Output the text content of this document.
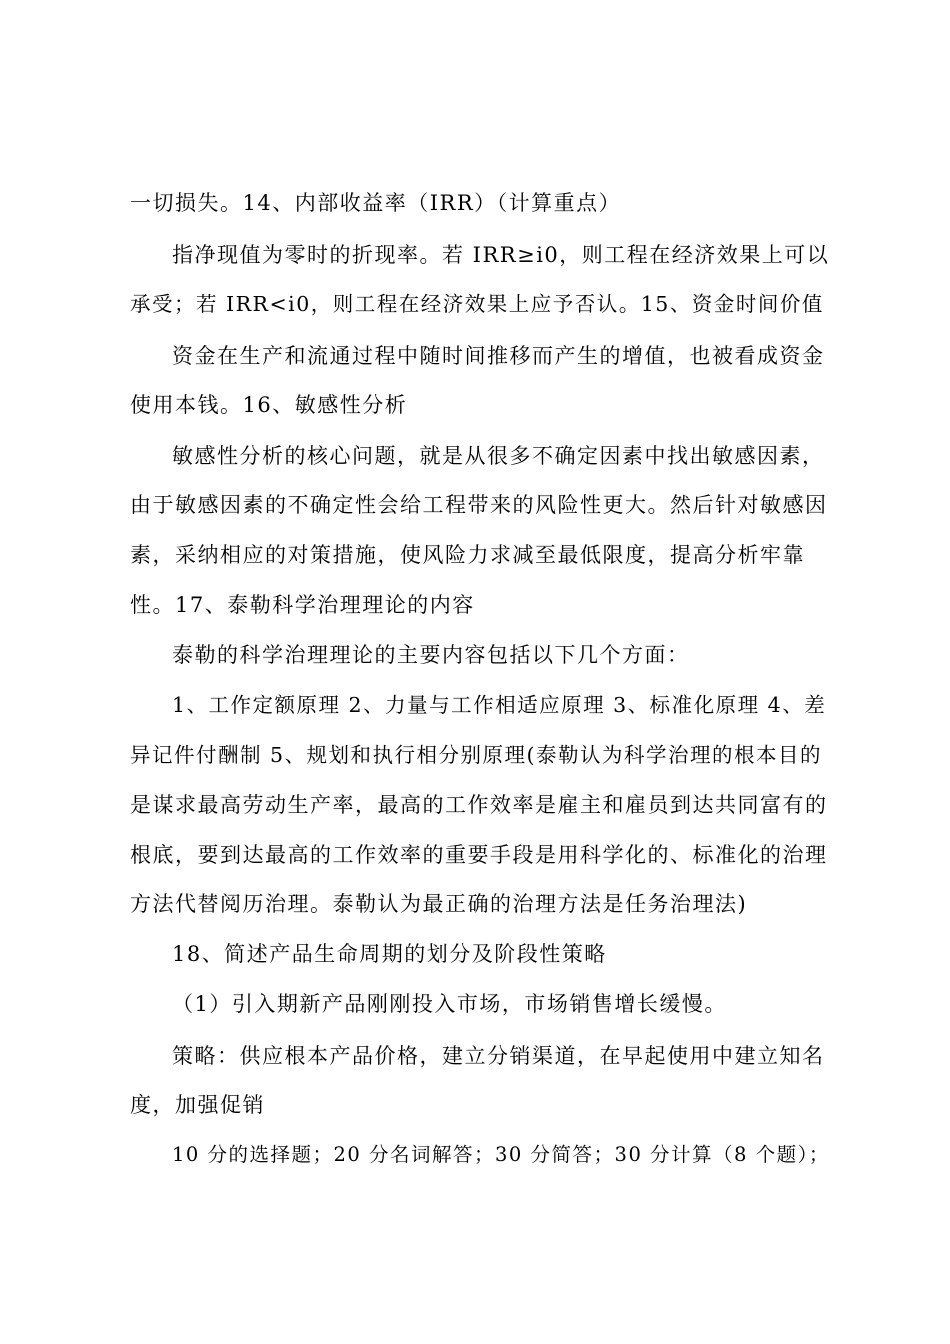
一切损失。14、内部收益率（IRR）（计算重点）
指净现值为零时的折现率。若 IRR≥i0，则工程在经济效果上可以
承受；若 IRR<i0，则工程在经济效果上应予否认。15、资金时间价值
资金在生产和流通过程中随时间推移而产生的增值，也被看成资金
使用本钱。16、敏感性分析
敏感性分析的核心问题，就是从很多不确定因素中找出敏感因素，
由于敏感因素的不确定性会给工程带来的风险性更大。然后针对敏感因
素，采纳相应的对策措施，使风险力求减至最低限度，提高分析牢靠
性。17、泰勒科学治理理论的内容
泰勒的科学治理理论的主要内容包括以下几个方面：
1、工作定额原理 2、力量与工作相适应原理 3、标准化原理 4、差
异记件付酬制 5、规划和执行相分别原理(泰勒认为科学治理的根本目的
是谋求最高劳动生产率，最高的工作效率是雇主和雇员到达共同富有的
根底，要到达最高的工作效率的重要手段是用科学化的、标准化的治理
方法代替阅历治理。泰勒认为最正确的治理方法是任务治理法)
18、简述产品生命周期的划分及阶段性策略
（1）引入期新产品刚刚投入市场，市场销售增长缓慢。
策略：供应根本产品价格，建立分销渠道，在早起使用中建立知名
度，加强促销
10 分的选择题；20 分名词解答；30 分简答；30 分计算（8 个题）；
